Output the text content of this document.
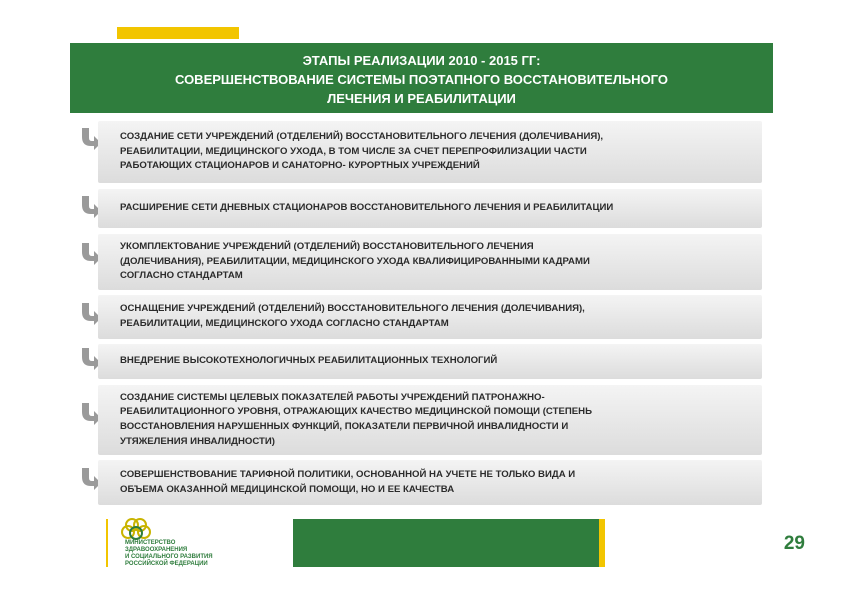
ЭТАПЫ РЕАЛИЗАЦИИ 2010 - 2015 ГГ:
СОВЕРШЕНСТВОВАНИЕ СИСТЕМЫ ПОЭТАПНОГО ВОССТАНОВИТЕЛЬНОГО
ЛЕЧЕНИЯ И РЕАБИЛИТАЦИИ
СОЗДАНИЕ СЕТИ УЧРЕЖДЕНИЙ (ОТДЕЛЕНИЙ) ВОССТАНОВИТЕЛЬНОГО ЛЕЧЕНИЯ (ДОЛЕЧИВАНИЯ),
РЕАБИЛИТАЦИИ, МЕДИЦИНСКОГО УХОДА, В ТОМ ЧИСЛЕ ЗА СЧЕТ ПЕРЕПРОФИЛИЗАЦИИ ЧАСТИ
РАБОТАЮЩИХ СТАЦИОНАРОВ И САНАТОРНО- КУРОРТНЫХ УЧРЕЖДЕНИЙ
РАСШИРЕНИЕ СЕТИ ДНЕВНЫХ СТАЦИОНАРОВ ВОССТАНОВИТЕЛЬНОГО ЛЕЧЕНИЯ И РЕАБИЛИТАЦИИ
УКОМПЛЕКТОВАНИЕ УЧРЕЖДЕНИЙ (ОТДЕЛЕНИЙ) ВОССТАНОВИТЕЛЬНОГО ЛЕЧЕНИЯ
(ДОЛЕЧИВАНИЯ), РЕАБИЛИТАЦИИ, МЕДИЦИНСКОГО УХОДА КВАЛИФИЦИРОВАННЫМИ КАДРАМИ
СОГЛАСНО СТАНДАРТАМ
ОСНАЩЕНИЕ УЧРЕЖДЕНИЙ (ОТДЕЛЕНИЙ) ВОССТАНОВИТЕЛЬНОГО ЛЕЧЕНИЯ (ДОЛЕЧИВАНИЯ),
РЕАБИЛИТАЦИИ, МЕДИЦИНСКОГО УХОДА СОГЛАСНО СТАНДАРТАМ
ВНЕДРЕНИЕ ВЫСОКОТЕХНОЛОГИЧНЫХ РЕАБИЛИТАЦИОННЫХ ТЕХНОЛОГИЙ
СОЗДАНИЕ СИСТЕМЫ ЦЕЛЕВЫХ ПОКАЗАТЕЛЕЙ РАБОТЫ УЧРЕЖДЕНИЙ ПАТРОНАЖНО-
РЕАБИЛИТАЦИОННОГО УРОВНЯ, ОТРАЖАЮЩИХ КАЧЕСТВО МЕДИЦИНСКОЙ ПОМОЩИ (СТЕПЕНЬ
ВОССТАНОВЛЕНИЯ НАРУШЕННЫХ ФУНКЦИЙ, ПОКАЗАТЕЛИ ПЕРВИЧНОЙ ИНВАЛИДНОСТИ И
УТЯЖЕЛЕНИЯ ИНВАЛИДНОСТИ)
СОВЕРШЕНСТВОВАНИЕ ТАРИФНОЙ ПОЛИТИКИ, ОСНОВАННОЙ НА УЧЕТЕ НЕ ТОЛЬКО ВИДА И
ОБЪЕМА ОКАЗАННОЙ МЕДИЦИНСКОЙ ПОМОЩИ, НО И ЕЕ КАЧЕСТВА
МИНИСТЕРСТВО
ЗДРАВООХРАНЕНИЯ
И СОЦИАЛЬНОГО РАЗВИТИЯ
РОССИЙСКОЙ ФЕДЕРАЦИИ
29
